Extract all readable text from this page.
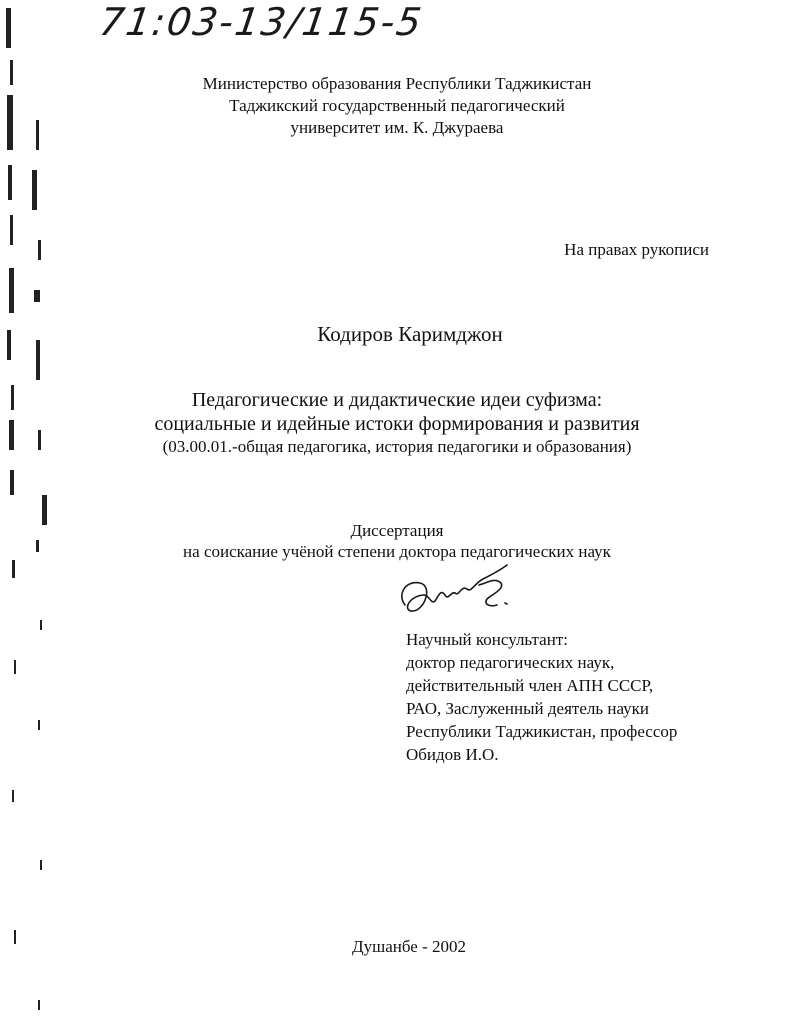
71:03-13/115-5
Министерство образования Республики Таджикистан
Таджикский государственный педагогический
университет им. К. Джураева
На правах рукописи
Кодиров Каримджон
Педагогические и дидактические идеи суфизма:
социальные и идейные истоки формирования и развития
(03.00.01.-общая педагогика, история педагогики и образования)
Диссертация
на соискание учёной степени доктора педагогических наук
Научный консультант:
доктор педагогических наук,
действительный член АПН СССР,
РАО, Заслуженный деятель науки
Республики Таджикистан, профессор
Обидов И.О.
Душанбе - 2002
